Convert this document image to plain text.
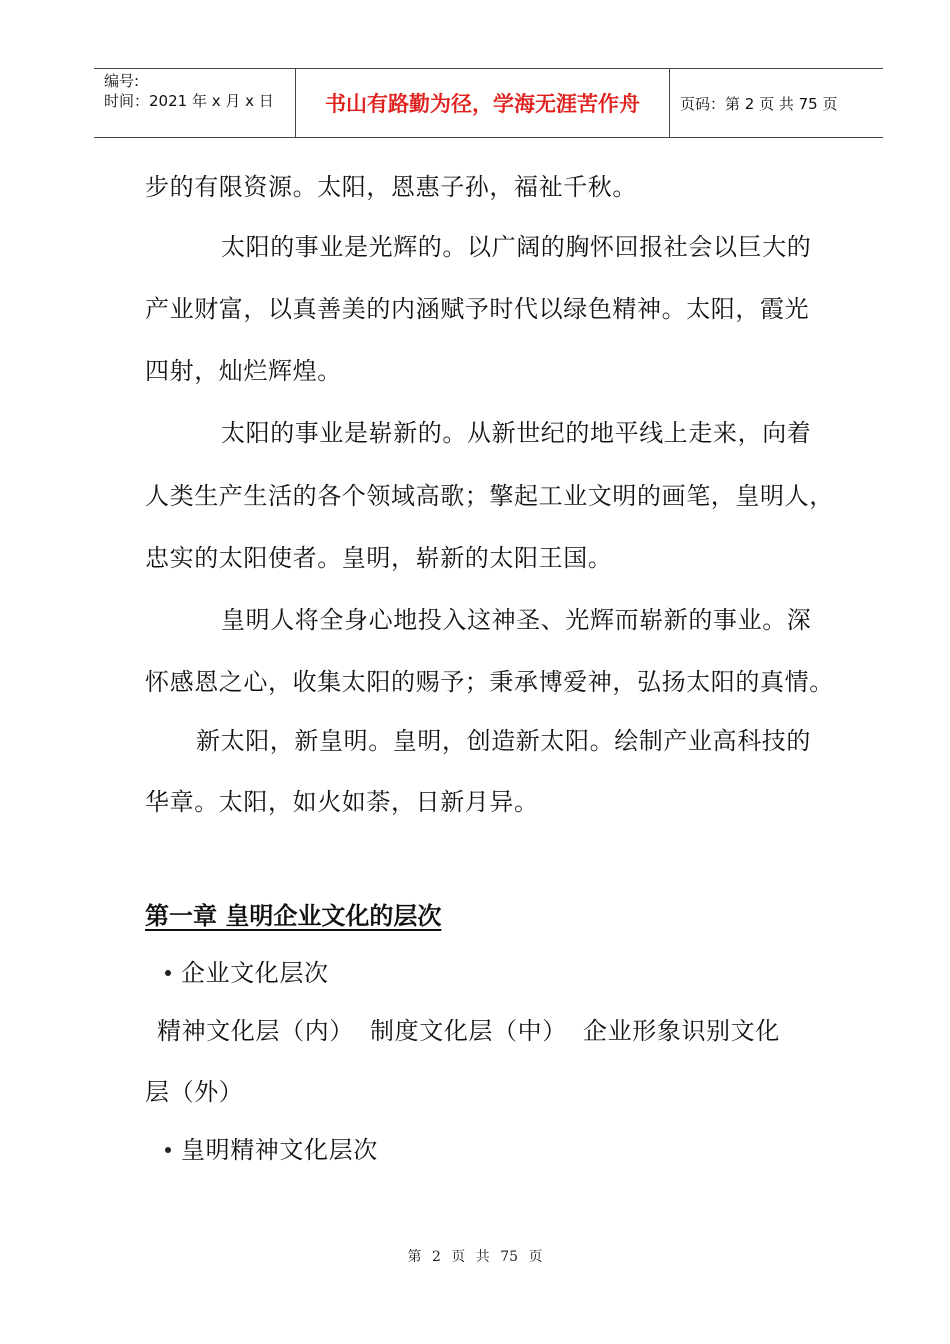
编号:
时间：2021 年 x 月 x 日	书山有路勤为径，学海无涯苦作舟	页码：第 2 页 共 75 页
步的有限资源。太阳，恩惠子孙，福祉千秋。
太阳的事业是光辉的。以广阔的胸怀回报社会以巨大的
产业财富，以真善美的内涵赋予时代以绿色精神。太阳，霞光
四射，灿烂辉煌。
太阳的事业是崭新的。从新世纪的地平线上走来，向着
人类生产生活的各个领域高歌；擎起工业文明的画笔，皇明人，
忠实的太阳使者。皇明，崭新的太阳王国。
皇明人将全身心地投入这神圣、光辉而崭新的事业。深
怀感恩之心，收集太阳的赐予；秉承博爱神，弘扬太阳的真情。
新太阳，新皇明。皇明，创造新太阳。绘制产业高科技的
华章。太阳，如火如荼，日新月异。
第一章 皇明企业文化的层次
企业文化层次
精神文化层（内） 制度文化层（中） 企业形象识别文化
层（外）
皇明精神文化层次
第 2 页 共 75 页
